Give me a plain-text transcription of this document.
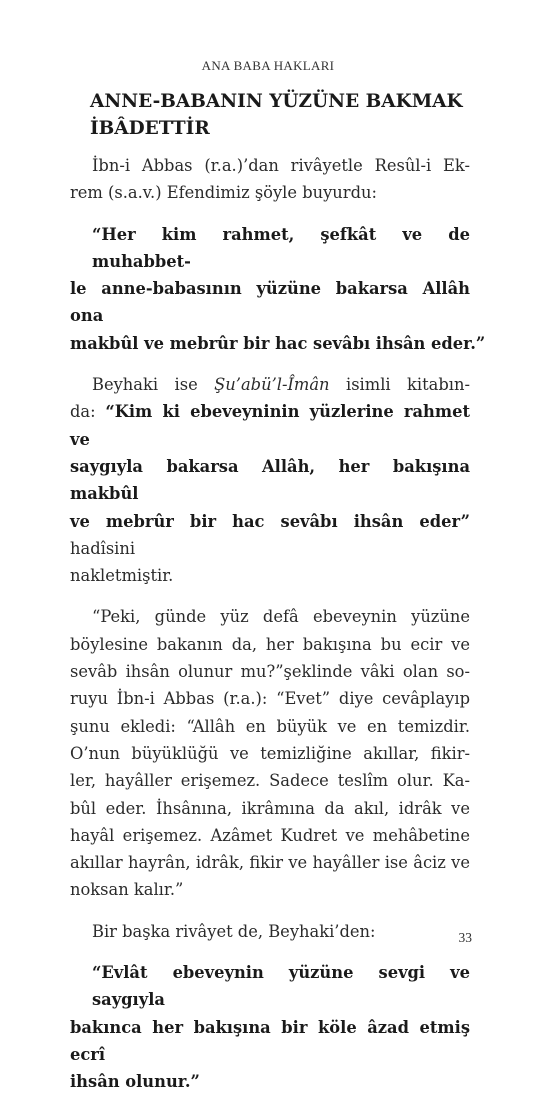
ANA BABA HAKLARI
ANNE-BABANIN YÜZÜNE BAKMAK
İBÂDETTİR

İbn-i Abbas (r.a.)’dan rivâyetle Resûl-i Ek-
rem (s.a.v.) Efendimiz şöyle buyurdu:

“Her kim rahmet, şefkât ve de muhabbet-
le anne-babasının yüzüne bakarsa Allâh ona
makbûl ve mebrûr bir hac sevâbı ihsân eder.”

Beyhaki ise Şu’abü’l-Îmân isimli kitabın-
da: “Kim ki ebeveyninin yüzlerine rahmet ve
saygıyla bakarsa Allâh, her bakışına makbûl
ve mebrûr bir hac sevâbı ihsân eder” hadîsini
nakletmiştir.

“Peki, günde yüz defâ ebeveynin yüzüne
böylesine bakanın da, her bakışına bu ecir ve
sevâb ihsân olunur mu?”şeklinde vâki olan so-
ruyu İbn-i Abbas (r.a.): “Evet” diye cevâplayıp
şunu ekledi: “Allâh en büyük ve en temizdir.
O’nun büyüklüğü ve temizliğine akıllar, fikir-
ler, hayâller erişemez. Sadece teslîm olur. Ka-
bûl eder. İhsânına, ikrâmına da akıl, idrâk ve
hayâl erişemez. Azâmet Kudret ve mehâbetine
akıllar hayrân, idrâk, fikir ve hayâller ise âciz ve
noksan kalır.”

Bir başka rivâyet de, Beyhaki’den:

“Evlât ebeveynin yüzüne sevgi ve saygıyla
bakınca her bakışına bir köle âzad etmiş ecrî
ihsân olunur.”

33
